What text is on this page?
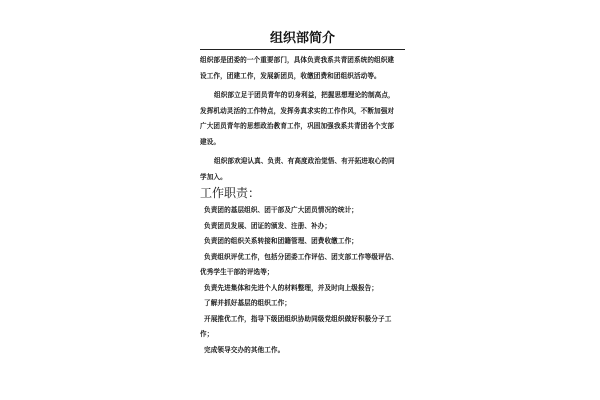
组织部简介

组织部是团委的一个重要部门，具体负责我系共青团系统的组织建
设工作，团建工作，发展新团员，收缴团费和团组织活动等。

组织部立足于团员青年的切身利益，把握思想理论的制高点，
发挥机动灵活的工作特点，发挥务真求实的工作作风，不断加强对
广大团员青年的思想政治教育工作，巩固加强我系共青团各个支部
建设。

组织部欢迎认真、负责、有高度政治觉悟、有开拓进取心的同
学加入。

工作职责：

负责团的基层组织、团干部及广大团员情况的统计；

负责团员发展、团证的颁发、注册、补办；

负责团的组织关系转接和团籍管理、团费收缴工作；

负责组织评优工作，包括分团委工作评估、团支部工作等级评估、
优秀学生干部的评选等；

负责先进集体和先进个人的材料整理，并及时向上级报告；

了解并抓好基层的组织工作；

开展推优工作，指导下级团组织协助同级党组织做好积极分子工
作；

完成领导交办的其他工作。
